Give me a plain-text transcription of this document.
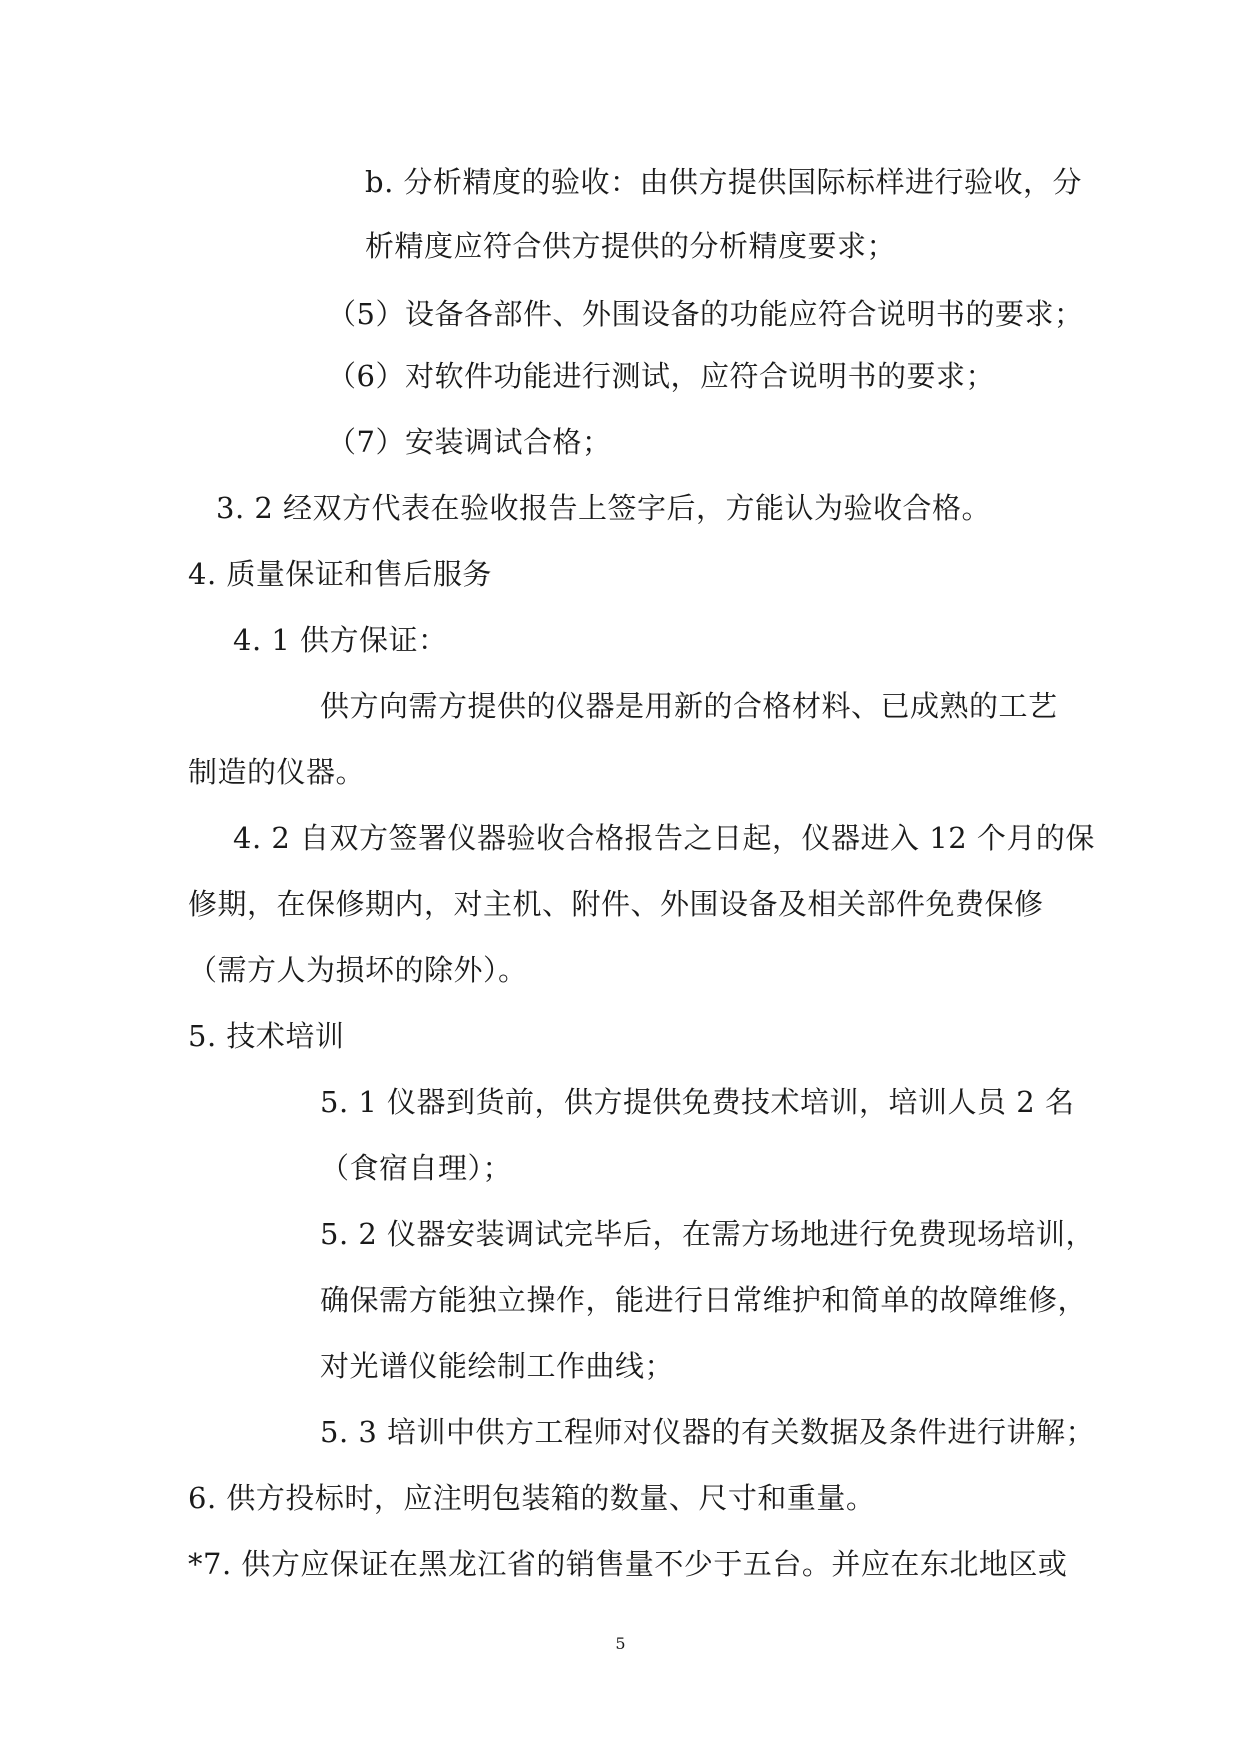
b. 分析精度的验收：由供方提供国际标样进行验收，分
析精度应符合供方提供的分析精度要求；
（5）设备各部件、外围设备的功能应符合说明书的要求；
（6）对软件功能进行测试，应符合说明书的要求；
（7）安装调试合格；
3. 2 经双方代表在验收报告上签字后，方能认为验收合格。
4. 质量保证和售后服务
4. 1 供方保证：
供方向需方提供的仪器是用新的合格材料、已成熟的工艺
制造的仪器。
4. 2 自双方签署仪器验收合格报告之日起，仪器进入 12 个月的保
修期，在保修期内，对主机、附件、外围设备及相关部件免费保修
（需方人为损坏的除外）。
5. 技术培训
5. 1 仪器到货前，供方提供免费技术培训，培训人员 2 名
（食宿自理）；
5. 2 仪器安装调试完毕后，在需方场地进行免费现场培训，
确保需方能独立操作，能进行日常维护和简单的故障维修，
对光谱仪能绘制工作曲线；
5. 3 培训中供方工程师对仪器的有关数据及条件进行讲解；
6. 供方投标时，应注明包装箱的数量、尺寸和重量。
*7. 供方应保证在黑龙江省的销售量不少于五台。并应在东北地区或
5
